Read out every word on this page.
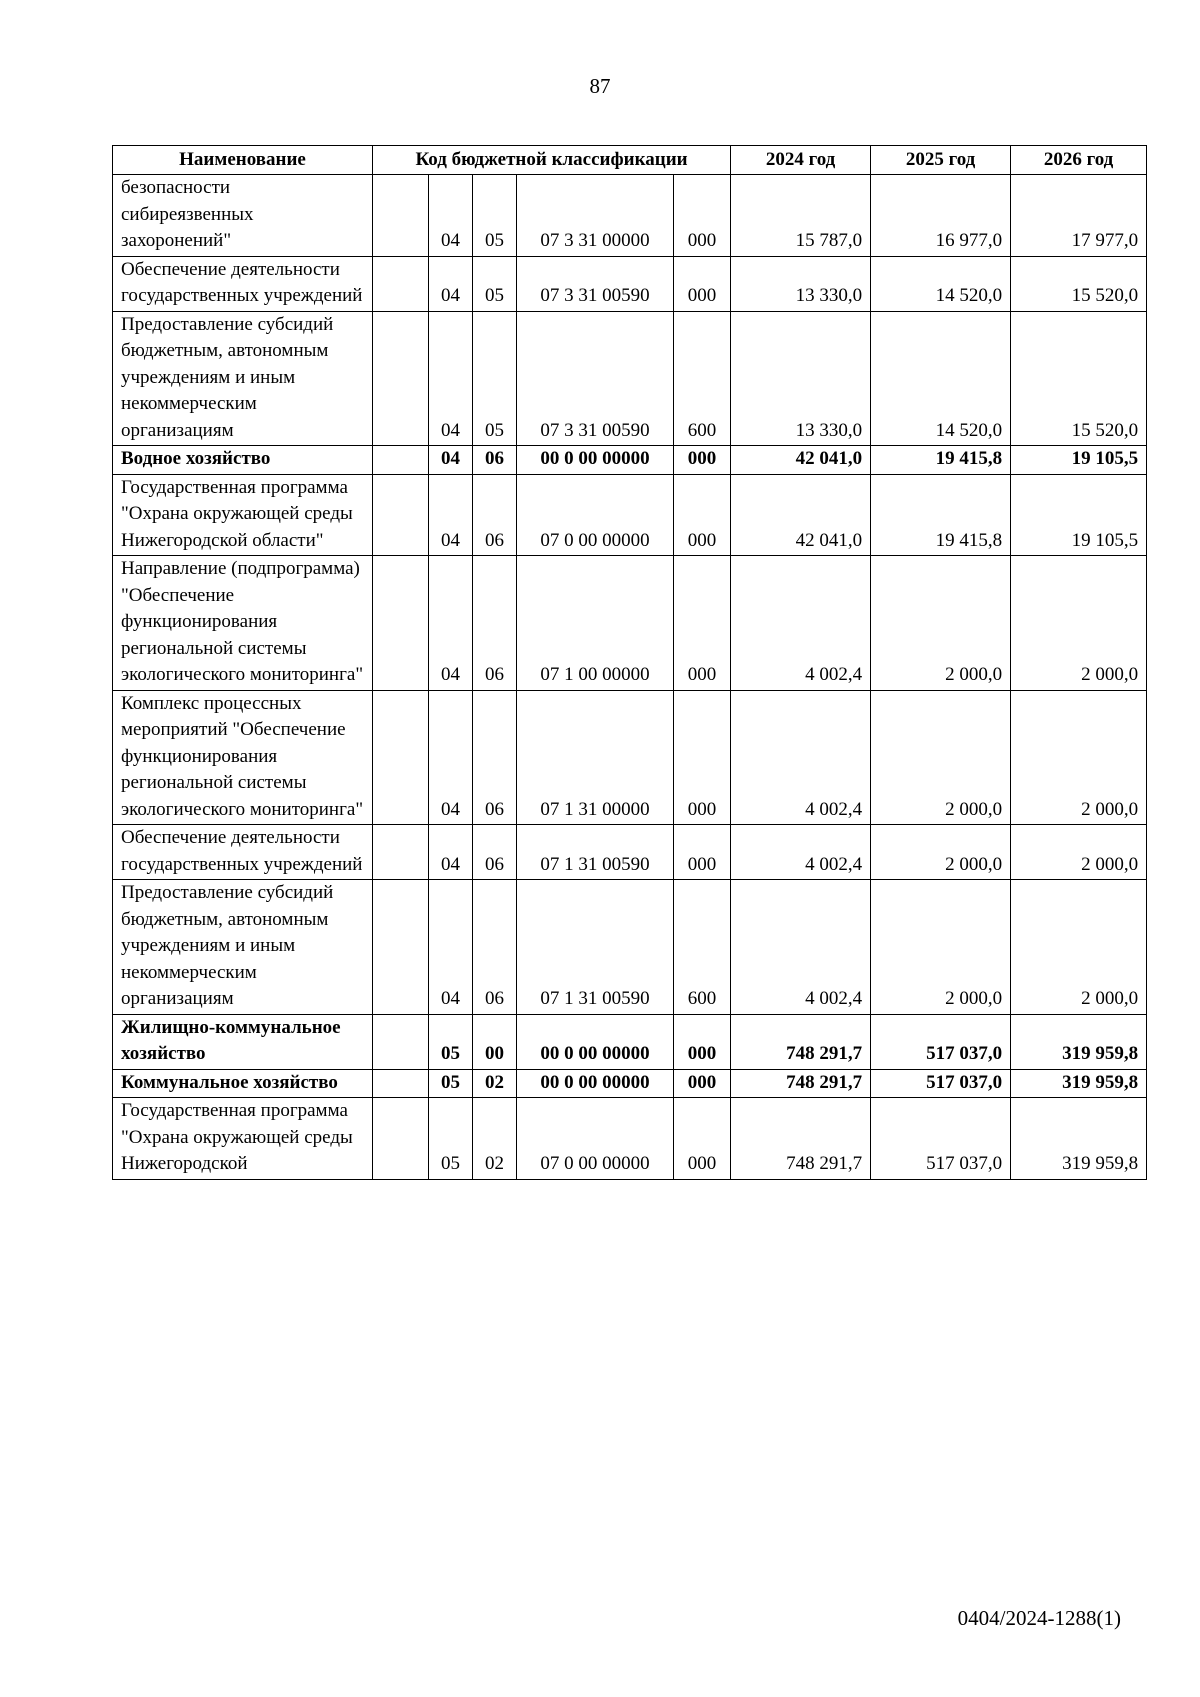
87
Наименование	Код бюджетной классификации					2024 год	2025 год	2026 год
безопасности сибиреязвенных захоронений"		04	05	07 3 31 00000	000	15 787,0	16 977,0	17 977,0
Обеспечение деятельности государственных учреждений		04	05	07 3 31 00590	000	13 330,0	14 520,0	15 520,0
Предоставление субсидий бюджетным, автономным учреждениям и иным некоммерческим организациям		04	05	07 3 31 00590	600	13 330,0	14 520,0	15 520,0
Водное хозяйство		04	06	00 0 00 00000	000	42 041,0	19 415,8	19 105,5
Государственная программа "Охрана окружающей среды Нижегородской области"		04	06	07 0 00 00000	000	42 041,0	19 415,8	19 105,5
Направление (подпрограмма) "Обеспечение функционирования региональной системы экологического мониторинга"		04	06	07 1 00 00000	000	4 002,4	2 000,0	2 000,0
Комплекс процессных мероприятий "Обеспечение функционирования региональной системы экологического мониторинга"		04	06	07 1 31 00000	000	4 002,4	2 000,0	2 000,0
Обеспечение деятельности государственных учреждений		04	06	07 1 31 00590	000	4 002,4	2 000,0	2 000,0
Предоставление субсидий бюджетным, автономным учреждениям и иным некоммерческим организациям		04	06	07 1 31 00590	600	4 002,4	2 000,0	2 000,0
Жилищно-коммунальное хозяйство		05	00	00 0 00 00000	000	748 291,7	517 037,0	319 959,8
Коммунальное хозяйство		05	02	00 0 00 00000	000	748 291,7	517 037,0	319 959,8
Государственная программа "Охрана окружающей среды Нижегородской		05	02	07 0 00 00000	000	748 291,7	517 037,0	319 959,8
0404/2024-1288(1)
